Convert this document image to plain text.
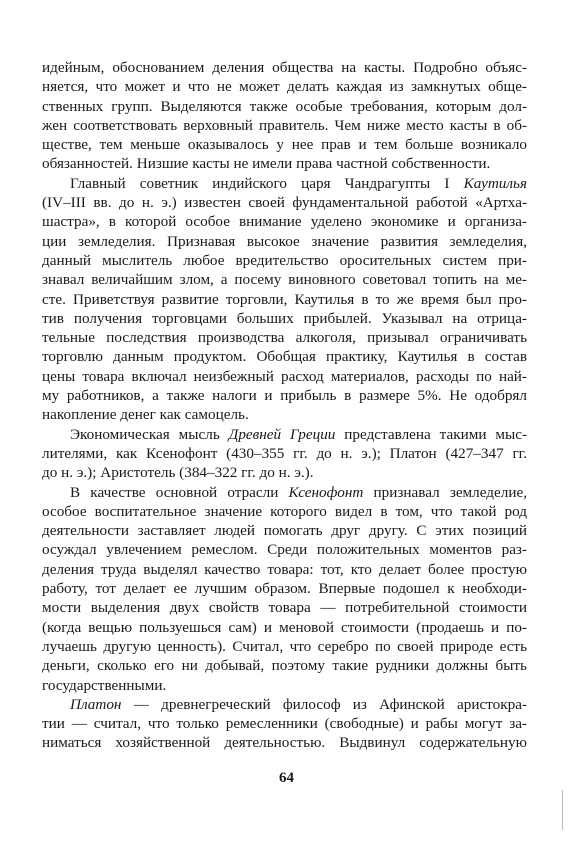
идейным, обоснованием деления общества на касты. Подробно объяс-
няется, что может и что не может делать каждая из замкнутых обще-
ственных групп. Выделяются также особые требования, которым дол-
жен соответствовать верховный правитель. Чем ниже место касты в об-
ществе, тем меньше оказывалось у нее прав и тем больше возникало
обязанностей. Низшие касты не имели права частной собственности.

Главный советник индийского царя Чандрагупты I Каутилья
(IV–III вв. до н. э.) известен своей фундаментальной работой «Артха-
шастра», в которой особое внимание уделено экономике и организа-
ции земледелия. Признавая высокое значение развития земледелия,
данный мыслитель любое вредительство оросительных систем при-
знавал величайшим злом, а посему виновного советовал топить на ме-
сте. Приветствуя развитие торговли, Каутилья в то же время был про-
тив получения торговцами больших прибылей. Указывал на отрица-
тельные последствия производства алкоголя, призывал ограничивать
торговлю данным продуктом. Обобщая практику, Каутилья в состав
цены товара включал неизбежный расход материалов, расходы по най-
му работников, а также налоги и прибыль в размере 5%. Не одобрял
накопление денег как самоцель.

Экономическая мысль Древней Греции представлена такими мыс-
лителями, как Ксенофонт (430–355 гг. до н. э.); Платон (427–347 гг.
до н. э.); Аристотель (384–322 гг. до н. э.).

В качестве основной отрасли Ксенофонт признавал земледелие,
особое воспитательное значение которого видел в том, что такой род
деятельности заставляет людей помогать друг другу. С этих позиций
осуждал увлечением ремеслом. Среди положительных моментов раз-
деления труда выделял качество товара: тот, кто делает более простую
работу, тот делает ее лучшим образом. Впервые подошел к необходи-
мости выделения двух свойств товара — потребительной стоимости
(когда вещью пользуешься сам) и меновой стоимости (продаешь и по-
лучаешь другую ценность). Считал, что серебро по своей природе есть
деньги, сколько его ни добывай, поэтому такие рудники должны быть
государственными.

Платон — древнегреческий философ из Афинской аристокра-
тии — считал, что только ремесленники (свободные) и рабы могут за-
ниматься хозяйственной деятельностью. Выдвинул содержательную

64
